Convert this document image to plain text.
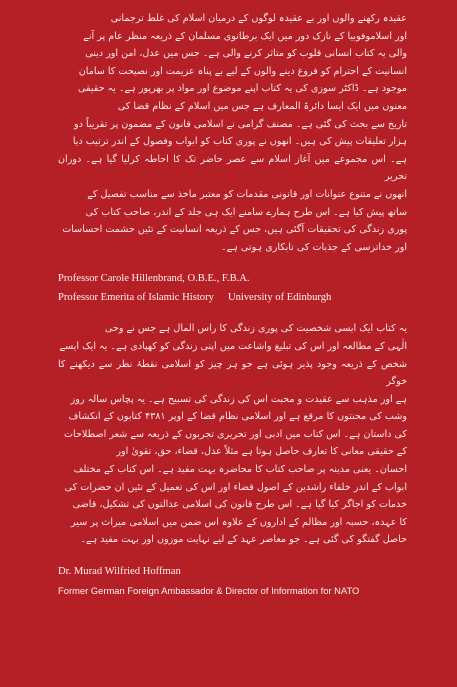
عقیدہ رکھنے والوں اور بے عقیدہ لوگوں کے درمیان اسلام کی غلط ترجمانی

اور اسلاموفوبیا کے نازک دور میں ایک برطانوی مسلمان کے ذریعہ منظر عام پر آنے

والی یہ کتاب انسانی قلوب کو متاثر کرنے والی ہے۔ جس میں عدل، امن اور دینی

انسانیت کے احترام کو فروغ دینے والوں کے لیے بے پناہ عزیمت اور نصیحت کا سامان

موجود ہے۔ ڈاکٹر سوزی کی یہ کتاب اپنے موضوع اور مواد پر بھرپور ہے۔ یہ حقیقی

معنوں میں ایک ایسا دائرۃ المعارف ہے جس میں اسلام کے نظام قضا کی

تاریخ سے بحث کی گئی ہے۔ مصنف گرامی نے اسلامی قانون کے مضمون پر تقریباً دو

ہزار تعلیقات پیش کی ہیں۔ انھوں نے پوری کتاب کو ابواب وفصول کے اندر ترتیب دیا

ہے۔ اس مجموعے میں آغاز اسلام سے عصر حاضر تک کا احاطہ کرلیا گیا ہے۔ دوران تحریر

انھوں نے متنوع عنوانات اور قانونی مقدمات کو معتبر ماخذ سے مناسب تفصیل کے

ساتھ پیش کیا ہے۔ اس طرح ہمارے سامنے ایک ہی جلد کے اندر، صاحب کتاب کی

پوری زندگی کی تحقیقات آگئی ہیں، جس کے ذریعہ انسانیت کے تئیں حشمت احساسات

اور خداترسی کے جذبات کی تابکاری ہوتی ہے۔

Professor Carole Hillenbrand, O.B.E., F.B.A.

Professor Emerita of Islamic History University of Edinburgh

یہ کتاب ایک ایسی شخصیت کی پوری زندگی کا راس المال ہے جس نے وحی

الٰہی کے مطالعہ اور اس کی تبلیغ واشاعت میں اپنی زندگی کو کھپادی ہے۔ یہ ایک ایسے

شخص کے ذریعہ وجود پذیر ہوئی ہے جو ہر چیز کو اسلامی نقطۂ نظر سے دیکھنے کا خوگر

ہے اور مذہب سے عقیدت و محبت اس کی زندگی کی تسبیح ہے۔ یہ پچاس سالہ روز

وشب کی محنتوں کا مرقع ہے اور اسلامی نظام قضا کے اوپر ۴۳۸۱ کتابوں کے انکشاف

کی داستان ہے۔ اس کتاب میں ادبی اور تحریری تجربوں کے ذریعہ سے شعر اصطلاحات

کے حقیقی معانی کا تعارف حاصل ہوتا ہے مثلاً عدل، قضاء، حق، تقویٰ اور

احسان۔ یعنی مدینہ پر صاحب کتاب کا محاضرہ بہت مفید ہے۔ اس کتاب کے مختلف

ابواب کے اندر خلفاء راشدین کے اصول قضاء اور اس کی تعمیل کے تئیں ان حضرات کی

خدمات کو اجاگر کیا گیا ہے۔ اس طرح قانون کی اسلامی عدالتوں کی تشکیل، قاضی

کا عہدہ، حسبہ اور مظالم کے اداروں کے علاوہ اس ضمن میں اسلامی میراث پر سیر

حاصل گفتگو کی گئی ہے۔ جو معاصر عہد کے لیے نہایت موزوں اور بہت مفید ہے۔

Dr. Murad Wilfried Hoffman

Former German Foreign Ambassador & Director of Information for NATO
